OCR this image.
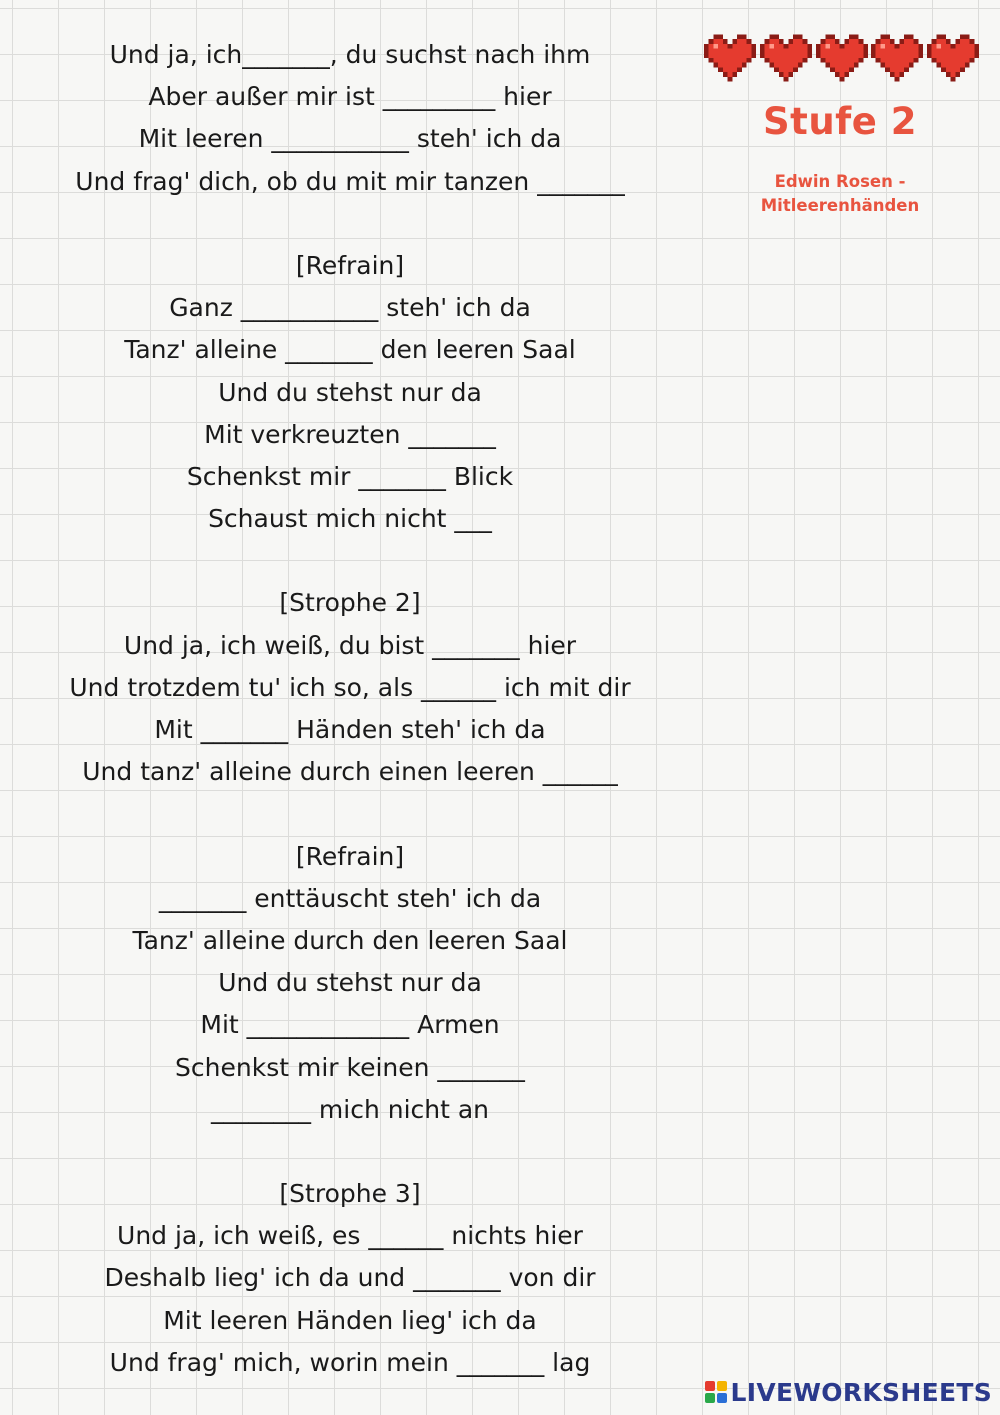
Und ja, ich_______, du suchst nach ihm
Aber außer mir ist _________ hier
Mit leeren ___________ steh' ich da
Und frag' dich, ob du mit mir tanzen _______
[Refrain]
Ganz ___________ steh' ich da
Tanz' alleine _______ den leeren Saal
Und du stehst nur da
Mit verkreuzten _______
Schenkst mir _______ Blick
Schaust mich nicht ___
[Strophe 2]
Und ja, ich weiß, du bist _______ hier
Und trotzdem tu' ich so, als ______ ich mit dir
Mit _______ Händen steh' ich da
Und tanz' alleine durch einen leeren ______
[Refrain]
_______ enttäuscht steh' ich da
Tanz' alleine durch den leeren Saal
Und du stehst nur da
Mit _____________ Armen
Schenkst mir keinen _______
________ mich nicht an
[Strophe 3]
Und ja, ich weiß, es ______ nichts hier
Deshalb lieg' ich da und _______ von dir
Mit leeren Händen lieg' ich da
Und frag' mich, worin mein _______ lag
Stufe 2
Edwin Rosen -
Mitleerenhänden
LIVEWORKSHEETS
